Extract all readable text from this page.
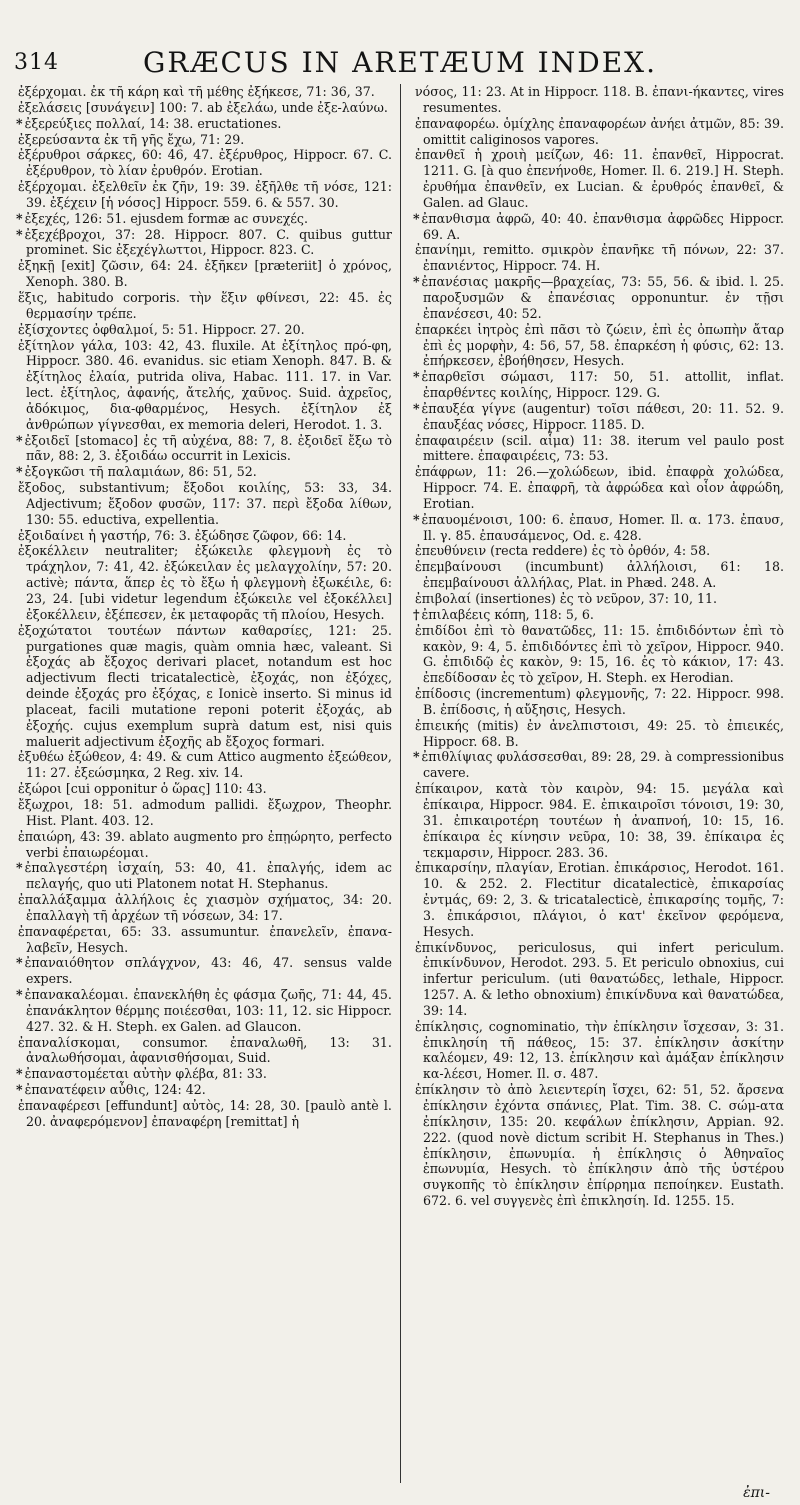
314	GRÆCUS IN ARETÆUM INDEX.

ἐξέρχομαι. ἐκ τῆ κάρη καὶ τῆ μέθης ἐξήκεσε, 71: 36, 37.

ἐξελάσεις [συνάγειν] 100: 7. ab ἐξελάω, unde ἐξε-λαύνω.

* ἐξερεύξιες πολλαί, 14: 38. eructationes.

ἐξερεύσαντα ἐκ τῆ γῆς ἔχω, 71: 29.

ἐξέρυθροι σάρκες, 60: 46, 47. ἐξέρυθρος, Hippocr. 67. C. ἐξέρυθρον, τὸ λίαν ἐρυθρόν. Erotian.

ἐξέρχομαι. ἐξελθεῖν ἐκ ζῆν, 19: 39. ἐξῆλθε τῆ νόσε, 121: 39. ἐξέχειν [ἡ νόσος] Hippocr. 559. 6. & 557. 30.

* ἐξεχές, 126: 51. ejusdem formæ ac συνεχές.

* ἐξεχέβροχοι, 37: 28. Hippocr. 807. C. quibus guttur prominet. Sic ἐξεχέγλωττοι, Hippocr. 823. C.

ἐξηκῇ [exit] ζῶσιν, 64: 24. ἐξῆκεν [præteriit] ὁ χρόνος, Xenoph. 380. B.

ἕξις, habitudo corporis. τὴν ἕξιν φθίνεσι, 22: 45. ἐς θερμασίην τρέπε.

ἐξίσχοντες ὀφθαλμοί, 5: 51. Hippocr. 27. 20.

ἐξίτηλον γάλα, 103: 42, 43. fluxile. At ἐξίτηλος πρό-φη, Hippocr. 380. 46. evanidus. sic etiam Xenoph. 847. B. & ἐξίτηλος ἐλαία, putrida oliva, Habac. 111. 17. in Var. lect. ἐξίτηλος, ἀφανής, ἄτελής, χαῦνος. Suid. ἀχρεῖος, ἀδόκιμος, δια-φθαρμένος, Hesych. ἐξίτηλον ἐξ ἀνθρώπων γίγνεσθαι, ex memoria deleri, Herodot. 1. 3.

* ἐξοιδεῖ [stomaco] ἐς τῆ αὐχένα, 88: 7, 8. ἐξοιδεῖ ἔξω τὸ πᾶν, 88: 2, 3. ἐξοιδάω occurrit in Lexicis.

* ἐξογκῶσι τῆ παλαμιάων, 86: 51, 52.

ἔξοδος, substantivum; ἔξοδοι κοιλίης, 53: 33, 34. Adjectivum; ἔξοδον φυσῶν, 117: 37. περὶ ἔξοδα λίθων, 130: 55. eductiva, expellentia.

ἐξοιδαίνει ἡ γαστήρ, 76: 3. ἐξώδησε ζῶφον, 66: 14.

ἐξοκέλλειν neutraliter; ἐξώκειλε φλεγμονὴ ἐς τὸ τράχηλον, 7: 41, 42. ἐξώκειλαν ἐς μελαγχολίην, 57: 20. activè; πάντα, ἅπερ ἐς τὸ ἔξω ἡ φλεγμονὴ ἐξωκέιλε, 6: 23, 24. [ubi videtur legendum ἐξώκειλε vel ἐξοκέλλει] ἐξοκέλλειν, ἐξέπεσεν, ἐκ μεταφορᾶς τῆ πλοίου, Hesych.

ἐξοχώτατοι τουτέων πάντων καθαρσίες, 121: 25. purgationes quæ magis, quàm omnia hæc, valeant. Si ἐξοχάς ab ἔξοχος derivari placet, notandum est hoc adjectivum flecti tricatalecticè, ἐξοχάς, non ἐξόχες, deinde ἐξοχάς pro ἐξόχας, ε Ionicè inserto. Si minus id placeat, facili mutatione reponi poterit ἐξοχάς, ab ἐξοχής. cujus exemplum suprà datum est, nisi quis maluerit adjectivum ἐξοχῆς ab ἔξοχος formari.

ἐξυθέω ἐξώθεον, 4: 49. & cum Attico augmento ἐξεώθεον, 11: 27. ἐξεώσμηκα, 2 Reg. xiv. 14.

ἐξώροι [cui opponitur ὁ ὥρας] 110: 43.

ἔξωχροι, 18: 51. admodum pallidi. ἔξωχρον, Theophr. Hist. Plant. 403. 12.

ἐπαιώρη, 43: 39. ablato augmento pro ἐπῃώρητο, perfecto verbi ἐπαιωρέομαι.

* ἐπαλγεστέρη ἰσχαίη, 53: 40, 41. ἐπαλγής, idem ac πελαγής, quo uti Platonem notat H. Stephanus.

ἐπαλλάξαμμα ἀλλήλοις ἐς χιασμὸν σχήματος, 34: 20. ἐπαλλαγὴ τῆ ἀρχέων τῆ νόσεων, 34: 17.

ἐπαναφέρεται, 65: 33. assumuntur. ἐπανελεῖν, ἐπανα-λαβεῖν, Hesych.

* ἐπαναιόθητον σπλάγχνον, 43: 46, 47. sensus valde expers.

* ἐπανακαλέομαι. ἐπανεκλήθη ἐς φάσμα ζωῆς, 71: 44, 45. ἐπανάκλητον θέρμης ποιέεσθαι, 103: 11, 12. sic Hippocr. 427. 32. & H. Steph. ex Galen. ad Glaucon.

ἐπαναλίσκομαι, consumor. ἐπαναλωθῆ, 13: 31. ἀναλωθήσομαι, ἀφανισθήσομαι, Suid.

* ἐπαναστομέεται αὐτὴν φλέβα, 81: 33.

* ἐπανατέφειν αὖθις, 124: 42.

ἐπαναφέρεσι [effundunt] αὐτὸς, 14: 28, 30. [paulò antè l. 20. ἀναφερόμενον] ἐπαναφέρη [remittat] ἡ

νόσος, 11: 23. At in Hippocr. 118. B. ἐπανι-ήκαντες, vires resumentes.

ἐπαναφορέω. ὁμίχλης ἐπαναφορέων ἀνήει ἀτμῶν, 85: 39. omittit caliginosos vapores.

ἐπανθεῖ ἡ χροιὴ μείζων, 46: 11. ἐπανθεῖ, Hippocrat. 1211. G. [à quo ἐπενήνοθε, Homer. Il. 6. 219.] H. Steph. ἐρυθήμα ἐπανθεῖν, ex Lucian. & ἐρυθρός ἐπανθεῖ, & Galen. ad Glauc.

* ἐπανθισμα ἀφρῶ, 40: 40. ἐπανθισμα ἀφρῶδες Hippocr. 69. A.

ἐπανίημι, remitto. σμικρὸν ἐπανῆκε τῆ πόνων, 22: 37. ἐπανιέντος, Hippocr. 74. H.

* ἐπανέσιας μακρῆς—βραχείας, 73: 55, 56. & ibid. l. 25. παροξυσμῶν & ἐπανέσιας opponuntur. ἐν τῇσι ἐπανέσεσι, 40: 52.

ἐπαρκέει ἰητρὸς ἐπὶ πᾶσι τὸ ζώειν, ἐπὶ ἐς ὀπωπὴν ἄταρ ἐπὶ ἐς μορφὴν, 4: 56, 57, 58. ἐπαρκέση ἡ φύσις, 62: 13. ἐπήρκεσεν, ἐβοήθησεν, Hesych.

* ἐπαρθεῖσι σώμασι, 117: 50, 51. attollit, inflat. ἐπαρθέντες κοιλίης, Hippocr. 129. G.

* ἐπαυξέα γίγνε (augentur) τοῖσι πάθεσι, 20: 11. 52. 9. ἐπαυξέας νόσες, Hippocr. 1185. D.

ἐπαφαιρέειν (scil. αἷμα) 11: 38. iterum vel paulo post mittere. ἐπαφαιρέεις, 73: 53.

ἐπάφρων, 11: 26.—χολώδεων, ibid. ἐπαφρὰ χολώδεα, Hippocr. 74. E. ἐπαφρῆ, τὰ ἀφρώδεα καὶ οἷον ἀφρώδη, Erotian.

* ἐπαυομένοισι, 100: 6. ἐπαυσ, Homer. Il. α. 173. ἐπαυσ, Il. γ. 85. ἐπαυσάμενος, Od. ε. 428.

ἐπευθύνειν (recta reddere) ἐς τὸ ὀρθόν, 4: 58.

ἐπεμβαίνουσι (incumbunt) ἀλλήλοισι, 61: 18. ἐπεμβαίνουσι ἀλλήλας, Plat. in Phæd. 248. A.

ἐπιβολαί (insertiones) ἐς τὸ νεῦρον, 37: 10, 11.

† ἐπιλαβέεις κόπη, 118: 5, 6.

ἐπιδίδοι ἐπὶ τὸ θανατῶδες, 11: 15. ἐπιδιδόντων ἐπὶ τὸ κακὸν, 9: 4, 5. ἐπιδιδόντες ἐπὶ τὸ χεῖρον, Hippocr. 940. G. ἐπιδιδῷ ἐς κακὸν, 9: 15, 16. ἐς τὸ κάκιον, 17: 43. ἐπεδίδοσαν ἐς τὸ χεῖρον, H. Steph. ex Herodian.

ἐπίδοσις (incrementum) φλεγμονῆς, 7: 22. Hippocr. 998. B. ἐπίδοσις, ἡ αὔξησις, Hesych.

ἐπιεικής (mitis) ἐν ἀνελπιστοισι, 49: 25. τὸ ἐπιεικές, Hippocr. 68. B.

* ἐπιθλίψιας φυλάσσεσθαι, 89: 28, 29. à compressionibus cavere.

ἐπίκαιρον, κατὰ τὸν καιρὸν, 94: 15. μεγάλα καὶ ἐπίκαιρα, Hippocr. 984. E. ἐπικαιροῖσι τόνοισι, 19: 30, 31. ἐπικαιροτέρη τουτέων ἡ ἀναπνοή, 10: 15, 16. ἐπίκαιρα ἐς κίνησιν νεῦρα, 10: 38, 39. ἐπίκαιρα ἐς τεκμαρσιν, Hippocr. 283. 36.

ἐπικαρσίην, πλαγίαν, Erotian. ἐπικάρσιος, Herodot. 161. 10. & 252. 2. Flectitur dicatalecticè, ἐπικαρσίας ἐντμάς, 69: 2, 3. & tricatalecticè, ἐπικαρσίης τομῆς, 7: 3. ἐπικάρσιοι, πλάγιοι, ὁ κατ' ἐκεῖνον φερόμενα, Hesych.

ἐπικίνδυνος, periculosus, qui infert periculum. ἐπικίνδυνον, Herodot. 293. 5. Et periculo obnoxius, cui infertur periculum. (uti θανατώδες, lethale, Hippocr. 1257. A. & letho obnoxium) ἐπικίνδυνα καὶ θανατώδεα, 39: 14.

ἐπίκλησις, cognominatio, τὴν ἐπίκλησιν ἴσχεσαν, 3: 31. ἐπικλησίη τῆ πάθεος, 15: 37. ἐπίκλησιν ἀσκίτην καλέομεν, 49: 12, 13. ἐπίκλησιν καὶ ἀμάξαν ἐπίκλησιν κα-λέεσι, Homer. Il. σ. 487.

ἐπίκλησιν τὸ ἀπὸ λειεντερίη ἴσχει, 62: 51, 52. ἄρσενα ἐπίκλησιν ἐχόντα σπάνιες, Plat. Tim. 38. C. σώμ-ατα ἐπίκλησιν, 135: 20. κεφάλων ἐπίκλησιν, Appian. 92. 222. (quod novè dictum scribit H. Stephanus in Thes.) ἐπίκλησιν, ἐπωνυμία. ἡ ἐπίκλησις ὁ Ἀθηναῖος ἐπωνυμία, Hesych. τὸ ἐπίκλησιν ἀπὸ τῆς ὑστέρου συγκοπῆς τὸ ἐπίκλησιν ἐπίρρημα πεποίηκεν. Eustath. 672. 6. vel συγγενὲς ἐπὶ ἐπικλησίη. Id. 1255. 15.

ἐπι-
